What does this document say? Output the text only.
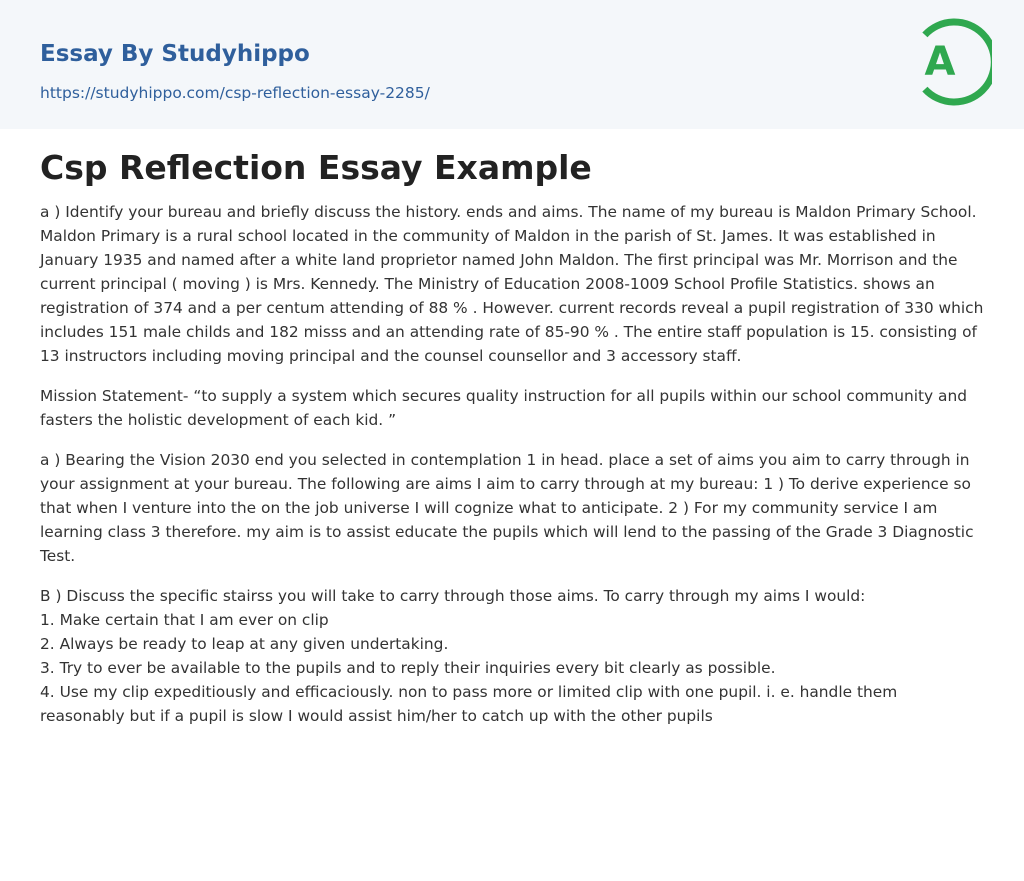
Essay By Studyhippo
https://studyhippo.com/csp-reflection-essay-2285/
A
Csp Reflection Essay Example

a ) Identify your bureau and briefly discuss the history. ends and aims. The name of my bureau is Maldon Primary School.
Maldon Primary is a rural school located in the community of Maldon in the parish of St. James. It was established in January 1935 and named after a white land proprietor named John Maldon. The first principal was Mr. Morrison and the current principal ( moving ) is Mrs. Kennedy. The Ministry of Education 2008-1009 School Profile Statistics. shows an registration of 374 and a per centum attending of 88 % . However. current records reveal a pupil registration of 330 which includes 151 male childs and 182 misss and an attending rate of 85-90 % . The entire staff population is 15. consisting of 13 instructors including moving principal and the counsel counsellor and 3 accessory staff.

Mission Statement- “to supply a system which secures quality instruction for all pupils within our school community and fasters the holistic development of each kid. ”

a ) Bearing the Vision 2030 end you selected in contemplation 1 in head. place a set of aims you aim to carry through in your assignment at your bureau. The following are aims I aim to carry through at my bureau: 1 ) To derive experience so that when I venture into the on the job universe I will cognize what to anticipate. 2 ) For my community service I am learning class 3 therefore. my aim is to assist educate the pupils which will lend to the passing of the Grade 3 Diagnostic Test.

B ) Discuss the specific stairss you will take to carry through those aims. To carry through my aims I would:
1. Make certain that I am ever on clip
2. Always be ready to leap at any given undertaking.
3. Try to ever be available to the pupils and to reply their inquiries every bit clearly as possible.
4. Use my clip expeditiously and efficaciously. non to pass more or limited clip with one pupil. i. e. handle them reasonably but if a pupil is slow I would assist him/her to catch up with the other pupils
